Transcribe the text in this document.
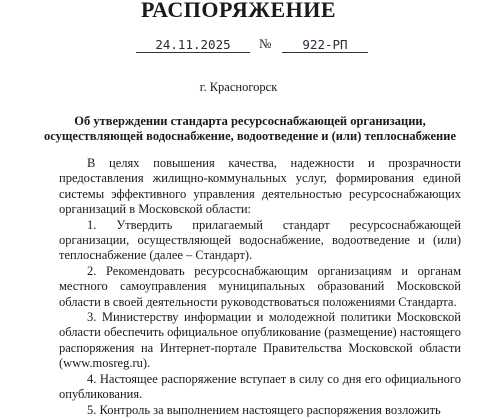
РАСПОРЯЖЕНИЕ
24.11.2025	№	922-РП
г. Красногорск
Об утверждении стандарта ресурсоснабжающей организации, осуществляющей водоснабжение, водоотведение и (или) теплоснабжение

В целях повышения качества, надежности и прозрачности предоставления жилищно-коммунальных услуг, формирования единой системы эффективного управления деятельностью ресурсоснабжающих организаций в Московской области:

1. Утвердить прилагаемый стандарт ресурсоснабжающей организации, осуществляющей водоснабжение, водоотведение и (или) теплоснабжение (далее – Стандарт).

2. Рекомендовать ресурсоснабжающим организациям и органам местного самоуправления муниципальных образований Московской области в своей деятельности руководствоваться положениями Стандарта.

3. Министерству информации и молодежной политики Московской области обеспечить официальное опубликование (размещение) настоящего распоряжения на Интернет-портале Правительства Московской области (www.mosreg.ru).

4. Настоящее распоряжение вступает в силу со дня его официального опубликования.

5. Контроль за выполнением настоящего распоряжения возложить
